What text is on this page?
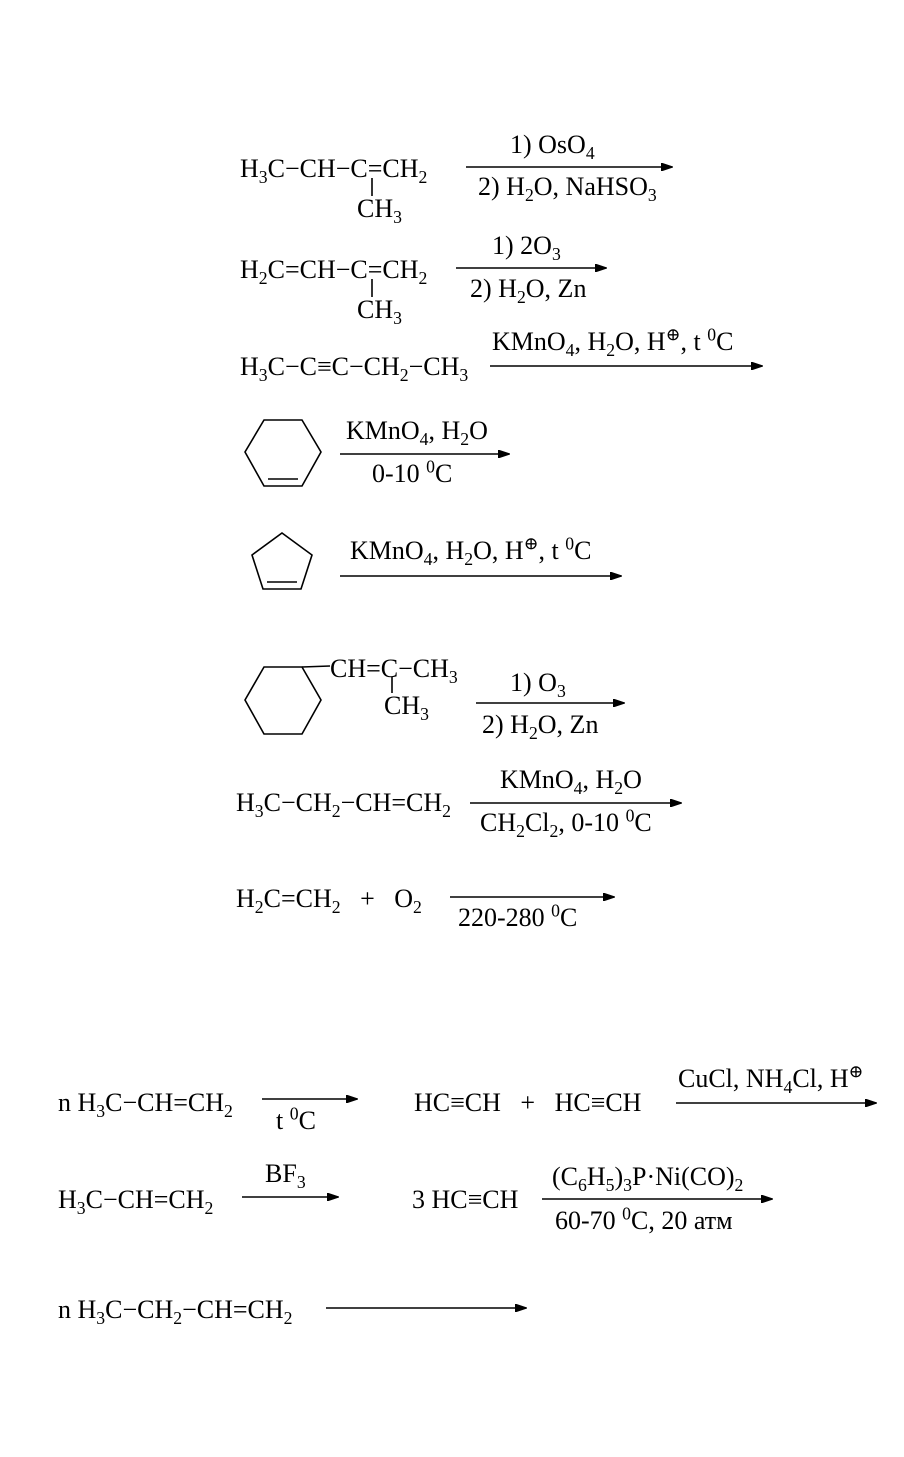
$H_3C-CH-C=CH_2$
$CH_3$
1) OsO$_4$
2) $H_2O$, NaHSO$_3$
$H_2C=CH-C=CH_2$
$CH_3$
1) $2O_3$
2) $H_2O$, Zn
$H_3C-C\equiv C-CH_2-CH_3$
KMnO$_4$, $H_2O$, H⊕, t $^0$C
KMnO$_4$, $H_2O$
0-10 $^0$C
KMnO$_4$, $H_2O$, H⊕, t $^0$C
$CH=C-CH_3$
$CH_3$
1) $O_3$
2) $H_2O$, Zn
$H_3C-CH_2-CH=CH_2$
KMnO$_4$, $H_2O$
$CH_2Cl_2$, 0-10 $^0$C
$H_2C=CH_2 + O_2$ 220-280 $^0$C
n $H_3C-CH=CH_2$ t $^0$C
$H_3C-CH=CH_2$
$BF_3$
n $H_3C-CH_2-CH=CH_2$
HC≡CH   +   HC≡CH
CuCl, $NH_4Cl$, H⊕
3 HC≡CH
$(C_6H_5)_3P\cdot Ni(CO)_2$
60-70 $^0$C, 20 атм
